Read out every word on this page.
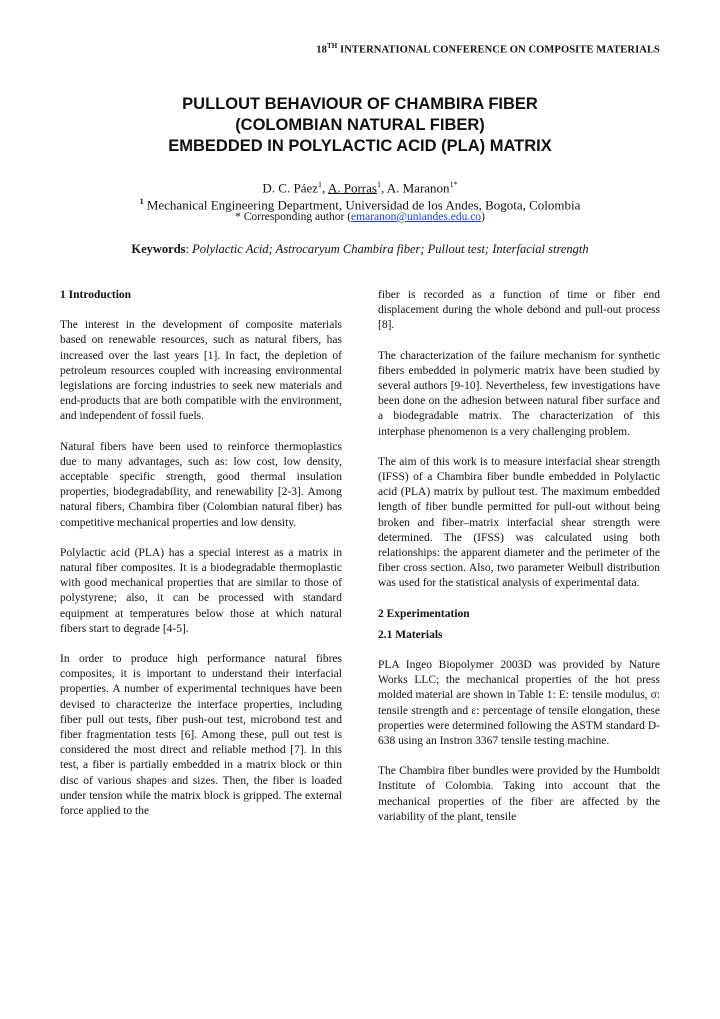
18TH INTERNATIONAL CONFERENCE ON COMPOSITE MATERIALS
PULLOUT BEHAVIOUR OF CHAMBIRA FIBER
(COLOMBIAN NATURAL FIBER)
EMBEDDED IN POLYLACTIC ACID (PLA) MATRIX
D. C. Páez$^1$, A. Porras$^1$, A. Maranon$^{1*}$
$^1$ Mechanical Engineering Department, Universidad de los Andes, Bogota, Colombia
* Corresponding author (emaranon@uniandes.edu.co)
Keywords: Polylactic Acid; Astrocaryum Chambira fiber; Pullout test; Interfacial strength
1 Introduction

The interest in the development of composite materials based on renewable resources, such as natural fibers, has increased over the last years [1]. In fact, the depletion of petroleum resources coupled with increasing environmental legislations are forcing industries to seek new materials and end-products that are both compatible with the environment, and independent of fossil fuels.

Natural fibers have been used to reinforce thermoplastics due to many advantages, such as: low cost, low density, acceptable specific strength, good thermal insulation properties, biodegradability, and renewability [2-3]. Among natural fibers, Chambira fiber (Colombian natural fiber) has competitive mechanical properties and low density.

Polylactic acid (PLA) has a special interest as a matrix in natural fiber composites. It is a biodegradable thermoplastic with good mechanical properties that are similar to those of polystyrene; also, it can be processed with standard equipment at temperatures below those at which natural fibers start to degrade [4-5].

In order to produce high performance natural fibres composites, it is important to understand their interfacial properties. A number of experimental techniques have been devised to characterize the interface properties, including fiber pull out tests, fiber push-out test, microbond test and fiber fragmentation tests [6]. Among these, pull out test is considered the most direct and reliable method [7]. In this test, a fiber is partially embedded in a matrix block or thin disc of various shapes and sizes. Then, the fiber is loaded under tension while the matrix block is gripped. The external force applied to the

fiber is recorded as a function of time or fiber end displacement during the whole debond and pull-out process [8].

The characterization of the failure mechanism for synthetic fibers embedded in polymeric matrix have been studied by several authors [9-10]. Nevertheless, few investigations have been done on the adhesion between natural fiber surface and a biodegradable matrix. The characterization of this interphase phenomenon is a very challenging problem.

The aim of this work is to measure interfacial shear strength (IFSS) of a Chambira fiber bundle embedded in Polylactic acid (PLA) matrix by pullout test. The maximum embedded length of fiber bundle permitted for pull-out without being broken and fiber–matrix interfacial shear strength were determined. The (IFSS) was calculated using both relationships: the apparent diameter and the perimeter of the fiber cross section. Also, two parameter Weibull distribution was used for the statistical analysis of experimental data.

2 Experimentation
2.1 Materials

PLA Ingeo Biopolymer 2003D was provided by Nature Works LLC; the mechanical properties of the hot press molded material are shown in Table 1: E: tensile modulus, σ: tensile strength and ε: percentage of tensile elongation, these properties were determined following the ASTM standard D-638 using an Instron 3367 tensile testing machine.

The Chambira fiber bundles were provided by the Humboldt Institute of Colombia. Taking into account that the mechanical properties of the fiber are affected by the variability of the plant, tensile
